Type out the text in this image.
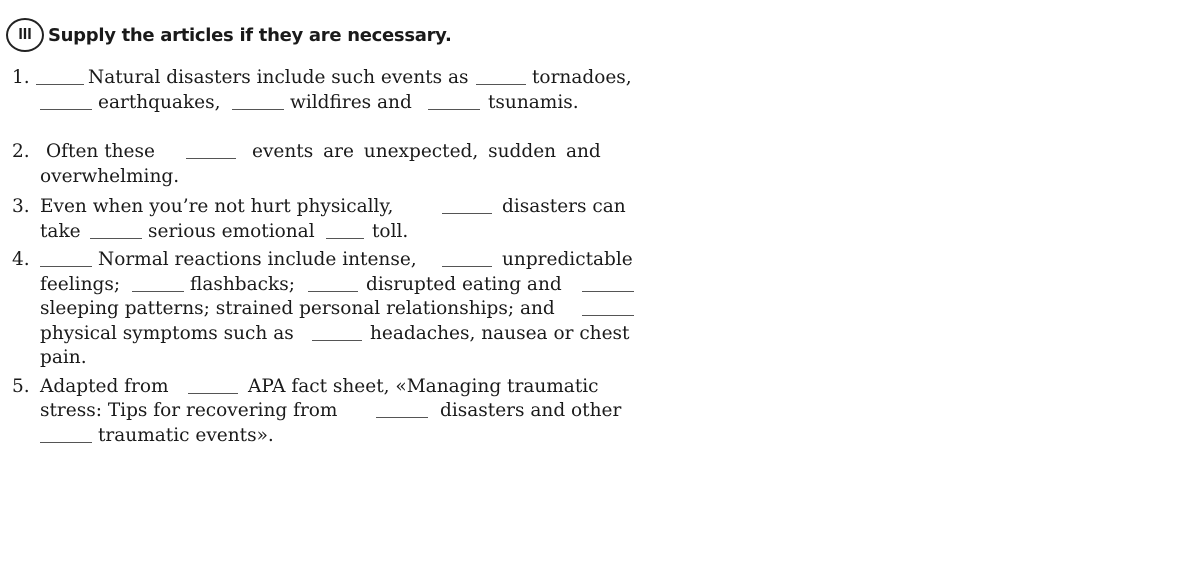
III Supply the articles if they are necessary.
1.	Natural disasters include such events as	tornadoes,
earthquakes,	wildfires and	tsunamis.
2. Often these	events are unexpected, sudden and
overwhelming.
3. Even when you’re not hurt physically,	disasters can
take	serious emotional	toll.
4.	Normal reactions include intense,	unpredictable
feelings;	flashbacks;	disrupted eating and
sleeping patterns; strained personal relationships; and
physical symptoms such as	headaches, nausea or chest
pain.
5. Adapted from	APA fact sheet, «Managing traumatic
stress: Tips for recovering from	disasters and other
traumatic events».
